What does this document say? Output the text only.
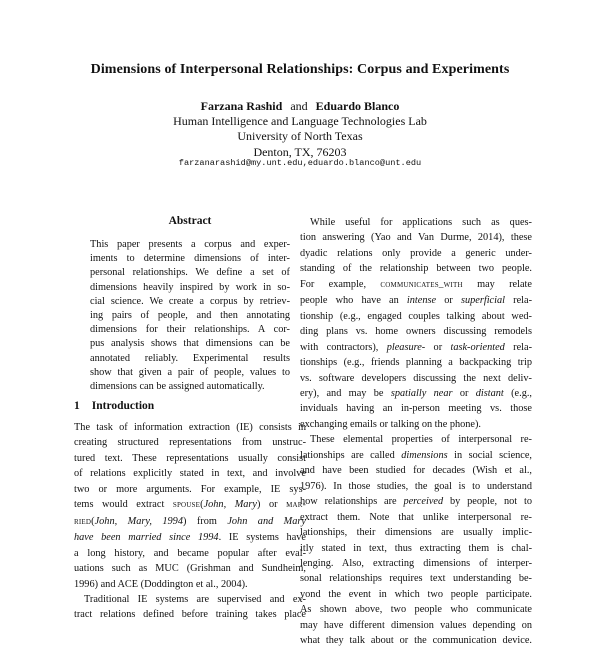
Dimensions of Interpersonal Relationships: Corpus and Experiments
Farzana Rashid and Eduardo Blanco
Human Intelligence and Language Technologies Lab
University of North Texas
Denton, TX, 76203
farzanarashid@my.unt.edu,eduardo.blanco@unt.edu
Abstract
This paper presents a corpus and exper-
iments to determine dimensions of inter-
personal relationships. We define a set of
dimensions heavily inspired by work in so-
cial science. We create a corpus by retriev-
ing pairs of people, and then annotating
dimensions for their relationships. A cor-
pus analysis shows that dimensions can be
annotated reliably. Experimental results
show that given a pair of people, values to
dimensions can be assigned automatically.
1 Introduction
The task of information extraction (IE) consists in
creating structured representations from unstruc-
tured text. These representations usually consist
of relations explicitly stated in text, and involve
two or more arguments. For example, IE sys-
tems would extract spouse(John, Mary) or mar-
ried(John, Mary, 1994) from John and Mary
have been married since 1994. IE systems have
a long history, and became popular after eval-
uations such as MUC (Grishman and Sundheim,
1996) and ACE (Doddington et al., 2004).
Traditional IE systems are supervised and ex-
tract relations defined before training takes place
While useful for applications such as ques-
tion answering (Yao and Van Durme, 2014), these
dyadic relations only provide a generic under-
standing of the relationship between two people.
For example, communicates_with may relate
people who have an intense or superficial rela-
tionship (e.g., engaged couples talking about wed-
ding plans vs. home owners discussing remodels
with contractors), pleasure- or task-oriented rela-
tionships (e.g., friends planning a backpacking trip
vs. software developers discussing the next deliv-
ery), and may be spatially near or distant (e.g.,
inviduals having an in-person meeting vs. those
exchanging emails or talking on the phone).
These elemental properties of interpersonal re-
lationships are called dimensions in social science,
and have been studied for decades (Wish et al.,
1976). In those studies, the goal is to understand
how relationships are perceived by people, not to
extract them. Note that unlike interpersonal re-
lationships, their dimensions are usually implic-
itly stated in text, thus extracting them is chal-
lenging. Also, extracting dimensions of interper-
sonal relationships requires text understanding be-
yond the event in which two people participate.
As shown above, two people who communicate
may have different dimension values depending on
what they talk about or the communication device.
